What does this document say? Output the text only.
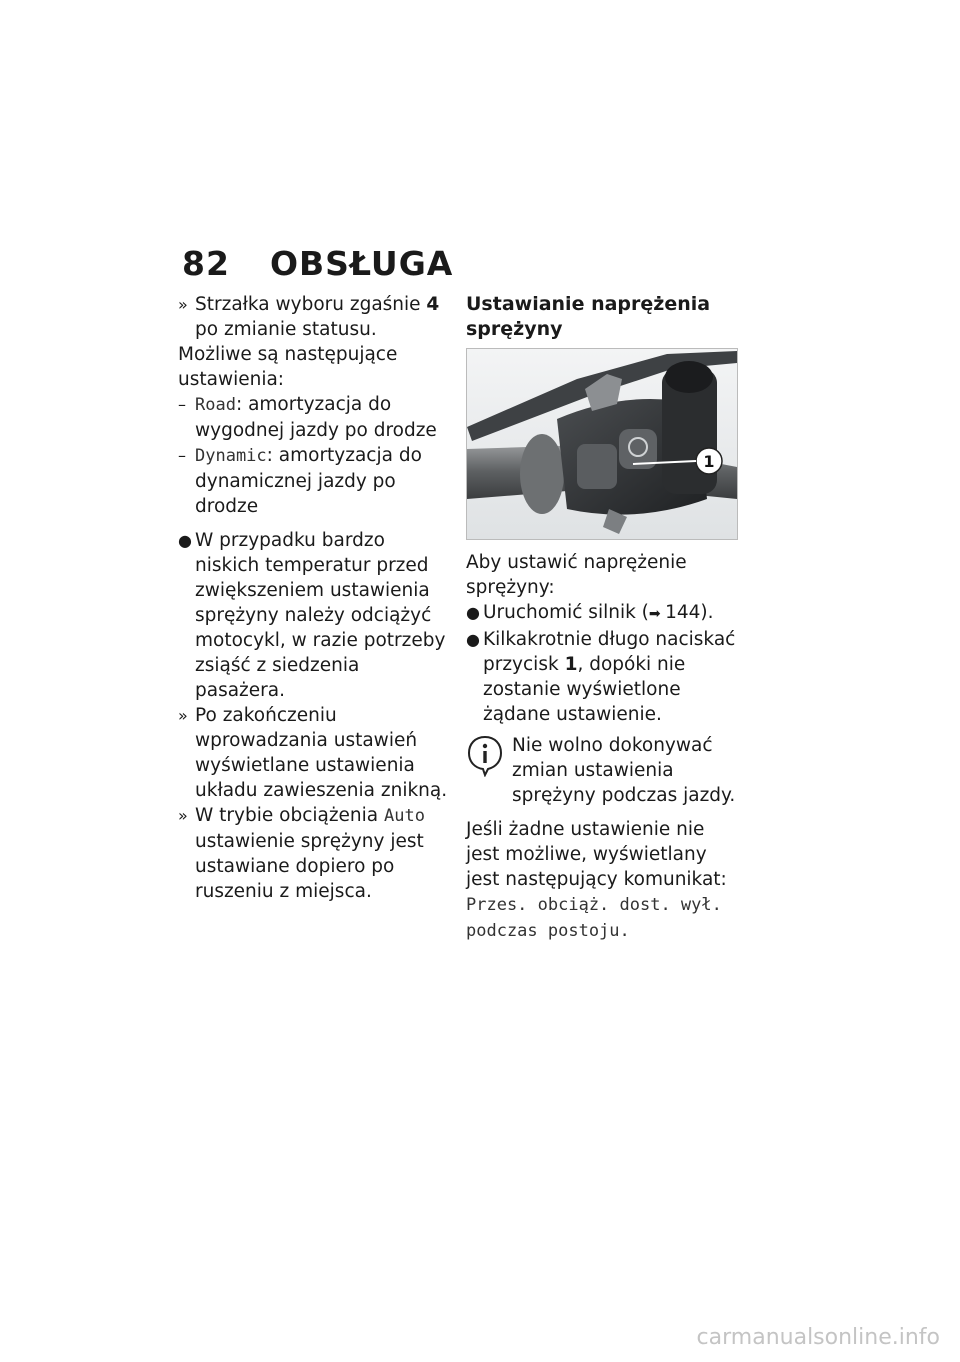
82 OBSŁUGA
» Strzałka wyboru zgaśnie 4 po zmianie statusu.

Możliwe są następujące ustawienia:

– Road: amortyzacja do wygodnej jazdy po drodze
– Dynamic: amortyzacja do dynamicznej jazdy po drodze
● W przypadku bardzo niskich temperatur przed zwiększeniem ustawienia sprężyny należy odciążyć motocykl, w razie potrzeby zsiąść z siedzenia pasażera.
» Po zakończeniu wprowadzania ustawień wyświetlane ustawienia układu zawieszenia znikną.
» W trybie obciążenia Auto ustawienie sprężyny jest ustawiane dopiero po ruszeniu z miejsca.
Ustawianie naprężenia sprężyny
1

Aby ustawić naprężenie sprężyny:

● Uruchomić silnik (➡ 144).
● Kilkakrotnie długo naciskać przycisk 1, dopóki nie zostanie wyświetlone żądane ustawienie.
Nie wolno dokonywać zmian ustawienia sprężyny podczas jazdy.

Jeśli żadne ustawienie nie jest możliwe, wyświetlany jest następujący komunikat: Przes. obciąż. dost. wył. podczas postoju.

carmanualsonline.info
